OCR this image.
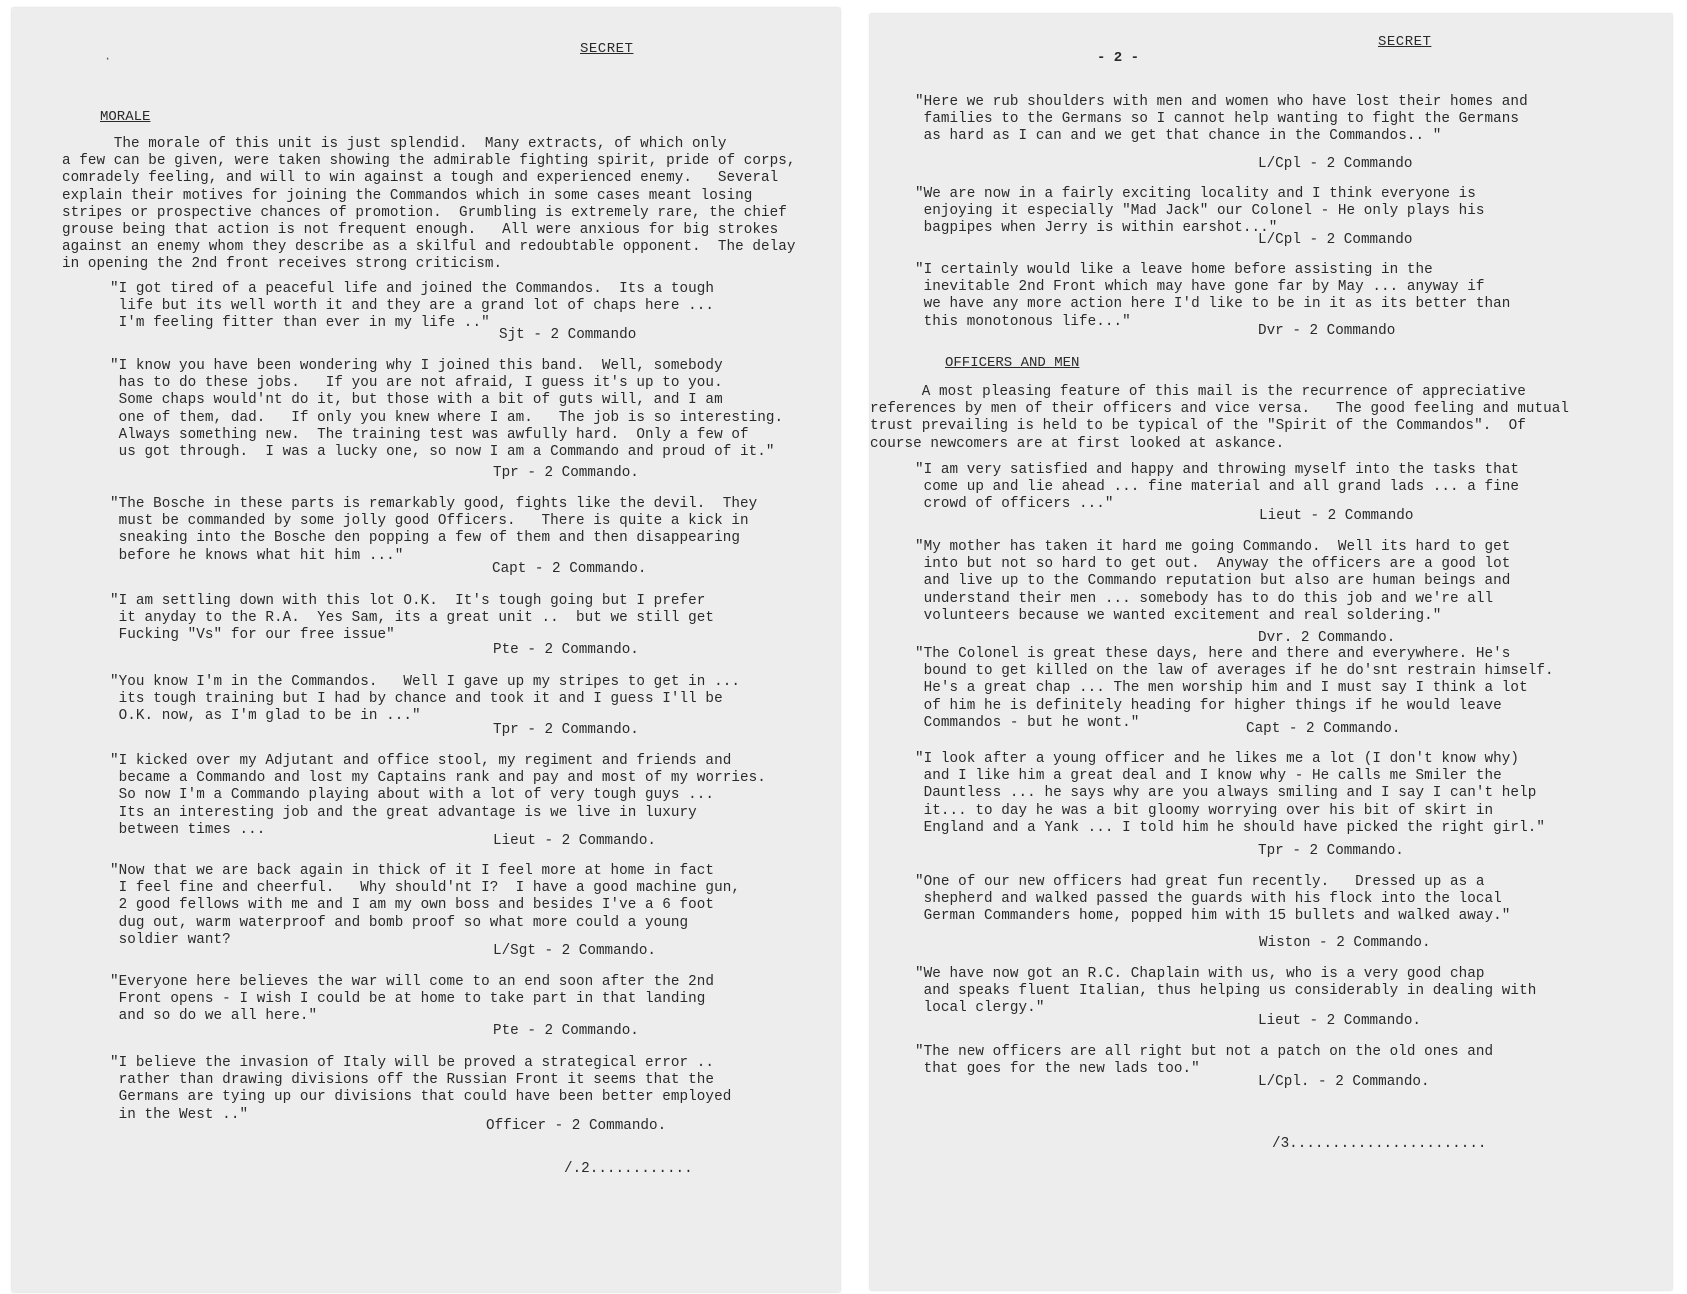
·
SECRET
MORALE
The morale of this unit is just splendid.  Many extracts, of which only
a few can be given, were taken showing the admirable fighting spirit, pride of corps,
comradely feeling, and will to win against a tough and experienced enemy.   Several
explain their motives for joining the Commandos which in some cases meant losing
stripes or prospective chances of promotion.  Grumbling is extremely rare, the chief
grouse being that action is not frequent enough.   All were anxious for big strokes
against an enemy whom they describe as a skilful and redoubtable opponent.  The delay
in opening the 2nd front receives strong criticism.
"I got tired of a peaceful life and joined the Commandos.  Its a tough
life but its well worth it and they are a grand lot of chaps here ...
I'm feeling fitter than ever in my life .."
Sjt - 2 Commando
"I know you have been wondering why I joined this band.  Well, somebody
has to do these jobs.   If you are not afraid, I guess it's up to you.
Some chaps would'nt do it, but those with a bit of guts will, and I am
one of them, dad.   If only you knew where I am.   The job is so interesting.
Always something new.  The training test was awfully hard.  Only a few of
us got through.  I was a lucky one, so now I am a Commando and proud of it."
Tpr - 2 Commando.
"The Bosche in these parts is remarkably good, fights like the devil.  They
must be commanded by some jolly good Officers.   There is quite a kick in
sneaking into the Bosche den popping a few of them and then disappearing
before he knows what hit him ..."
Capt - 2 Commando.
"I am settling down with this lot O.K.  It's tough going but I prefer
it anyday to the R.A.  Yes Sam, its a great unit ..  but we still get
Fucking "Vs" for our free issue"
Pte - 2 Commando.
"You know I'm in the Commandos.   Well I gave up my stripes to get in ...
its tough training but I had by chance and took it and I guess I'll be
O.K. now, as I'm glad to be in ..."
Tpr - 2 Commando.
"I kicked over my Adjutant and office stool, my regiment and friends and
became a Commando and lost my Captains rank and pay and most of my worries.
So now I'm a Commando playing about with a lot of very tough guys ...
Its an interesting job and the great advantage is we live in luxury
between times ...
Lieut - 2 Commando.
"Now that we are back again in thick of it I feel more at home in fact
I feel fine and cheerful.   Why should'nt I?  I have a good machine gun,
2 good fellows with me and I am my own boss and besides I've a 6 foot
dug out, warm waterproof and bomb proof so what more could a young
soldier want?
L/Sgt - 2 Commando.
"Everyone here believes the war will come to an end soon after the 2nd
Front opens - I wish I could be at home to take part in that landing
and so do we all here."
Pte - 2 Commando.
"I believe the invasion of Italy will be proved a strategical error ..
rather than drawing divisions off the Russian Front it seems that the
Germans are tying up our divisions that could have been better employed
in the West .."
Officer - 2 Commando.
/.2............
- 2 -
SECRET
"Here we rub shoulders with men and women who have lost their homes and
families to the Germans so I cannot help wanting to fight the Germans
as hard as I can and we get that chance in the Commandos.. "
L/Cpl - 2 Commando
"We are now in a fairly exciting locality and I think everyone is
enjoying it especially "Mad Jack" our Colonel - He only plays his
bagpipes when Jerry is within earshot..."
L/Cpl - 2 Commando
"I certainly would like a leave home before assisting in the
inevitable 2nd Front which may have gone far by May ... anyway if
we have any more action here I'd like to be in it as its better than
this monotonous life..."
Dvr - 2 Commando
OFFICERS AND MEN
A most pleasing feature of this mail is the recurrence of appreciative
references by men of their officers and vice versa.   The good feeling and mutual
trust prevailing is held to be typical of the "Spirit of the Commandos".  Of
course newcomers are at first looked at askance.
"I am very satisfied and happy and throwing myself into the tasks that
come up and lie ahead ... fine material and all grand lads ... a fine
crowd of officers ..."
Lieut - 2 Commando
"My mother has taken it hard me going Commando.  Well its hard to get
into but not so hard to get out.  Anyway the officers are a good lot
and live up to the Commando reputation but also are human beings and
understand their men ... somebody has to do this job and we're all
volunteers because we wanted excitement and real soldering."
Dvr. 2 Commando.
"The Colonel is great these days, here and there and everywhere. He's
bound to get killed on the law of averages if he do'snt restrain himself.
He's a great chap ... The men worship him and I must say I think a lot
of him he is definitely heading for higher things if he would leave
Commandos - but he wont."	Capt - 2 Commando.
"I look after a young officer and he likes me a lot (I don't know why)
and I like him a great deal and I know why - He calls me Smiler the
Dauntless ... he says why are you always smiling and I say I can't help
it... to day he was a bit gloomy worrying over his bit of skirt in
England and a Yank ... I told him he should have picked the right girl."
Tpr - 2 Commando.
"One of our new officers had great fun recently.   Dressed up as a
shepherd and walked passed the guards with his flock into the local
German Commanders home, popped him with 15 bullets and walked away."
Wiston - 2 Commando.
"We have now got an R.C. Chaplain with us, who is a very good chap
and speaks fluent Italian, thus helping us considerably in dealing with
local clergy."
Lieut - 2 Commando.
"The new officers are all right but not a patch on the old ones and
that goes for the new lads too."
L/Cpl. - 2 Commando.
/3.......................
